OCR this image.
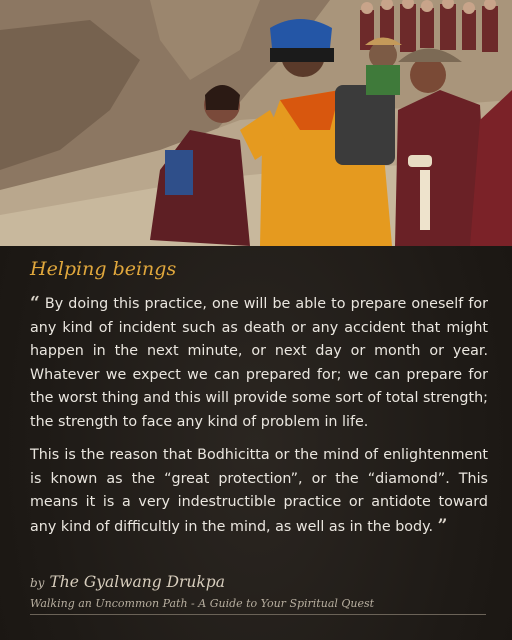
Helping beings

“ By doing this practice, one will be able to prepare oneself for any kind of incident such as death or any accident that might happen in the next minute, or next day or month or year. Whatever we expect we can prepared for; we can prepare for the worst thing and this will provide some sort of total strength; the strength to face any kind of problem in life.

This is the reason that Bodhicitta or the mind of enlightenment is known as the “great protection”, or the “diamond”. This means it is a very indestructible practice or antidote toward any kind of difficultly in the mind, as well as in the body. ”

by The Gyalwang Drukpa
Walking an Uncommon Path - A Guide to Your Spiritual Quest
